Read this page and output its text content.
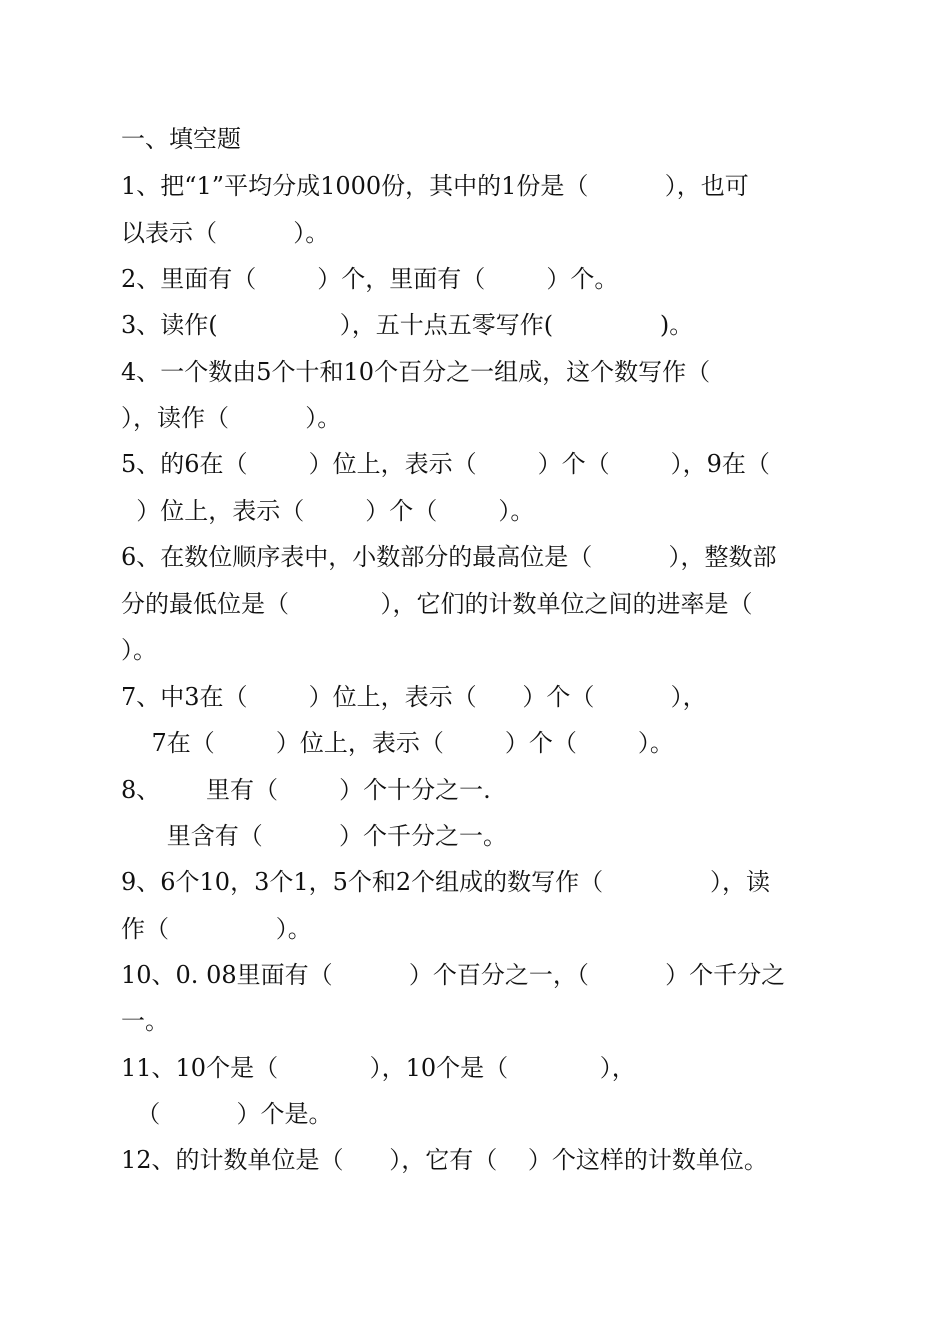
一、填空题
1、把“1”平均分成1000份，其中的1份是（          ），也可
以表示（          ）。
2、里面有（        ）个，里面有（        ）个。
3、读作(                ），五十点五零写作(              )。
4、一个数由5个十和10个百分之一组成，这个数写作（
），读作（          ）。
5、的6在（        ）位上，表示（        ）个（        ），9在（
）位上，表示（        ）个（        ）。
6、在数位顺序表中，小数部分的最高位是（          ），整数部
分的最低位是（            ），它们的计数单位之间的进率是（
）。
7、中3在（        ）位上，表示（      ）个（          ），
7在（        ）位上，表示（        ）个（        ）。
8、      里有（        ）个十分之一.
里含有（          ）个千分之一。
9、6个10，3个1，5个和2个组成的数写作（              ），读
作（              ）。
10、0. 08里面有（          ）个百分之一，（          ）个千分之
一。
11、10个是（            ），10个是（            ），
（          ）个是。
12、的计数单位是（      ），它有（    ）个这样的计数单位。
